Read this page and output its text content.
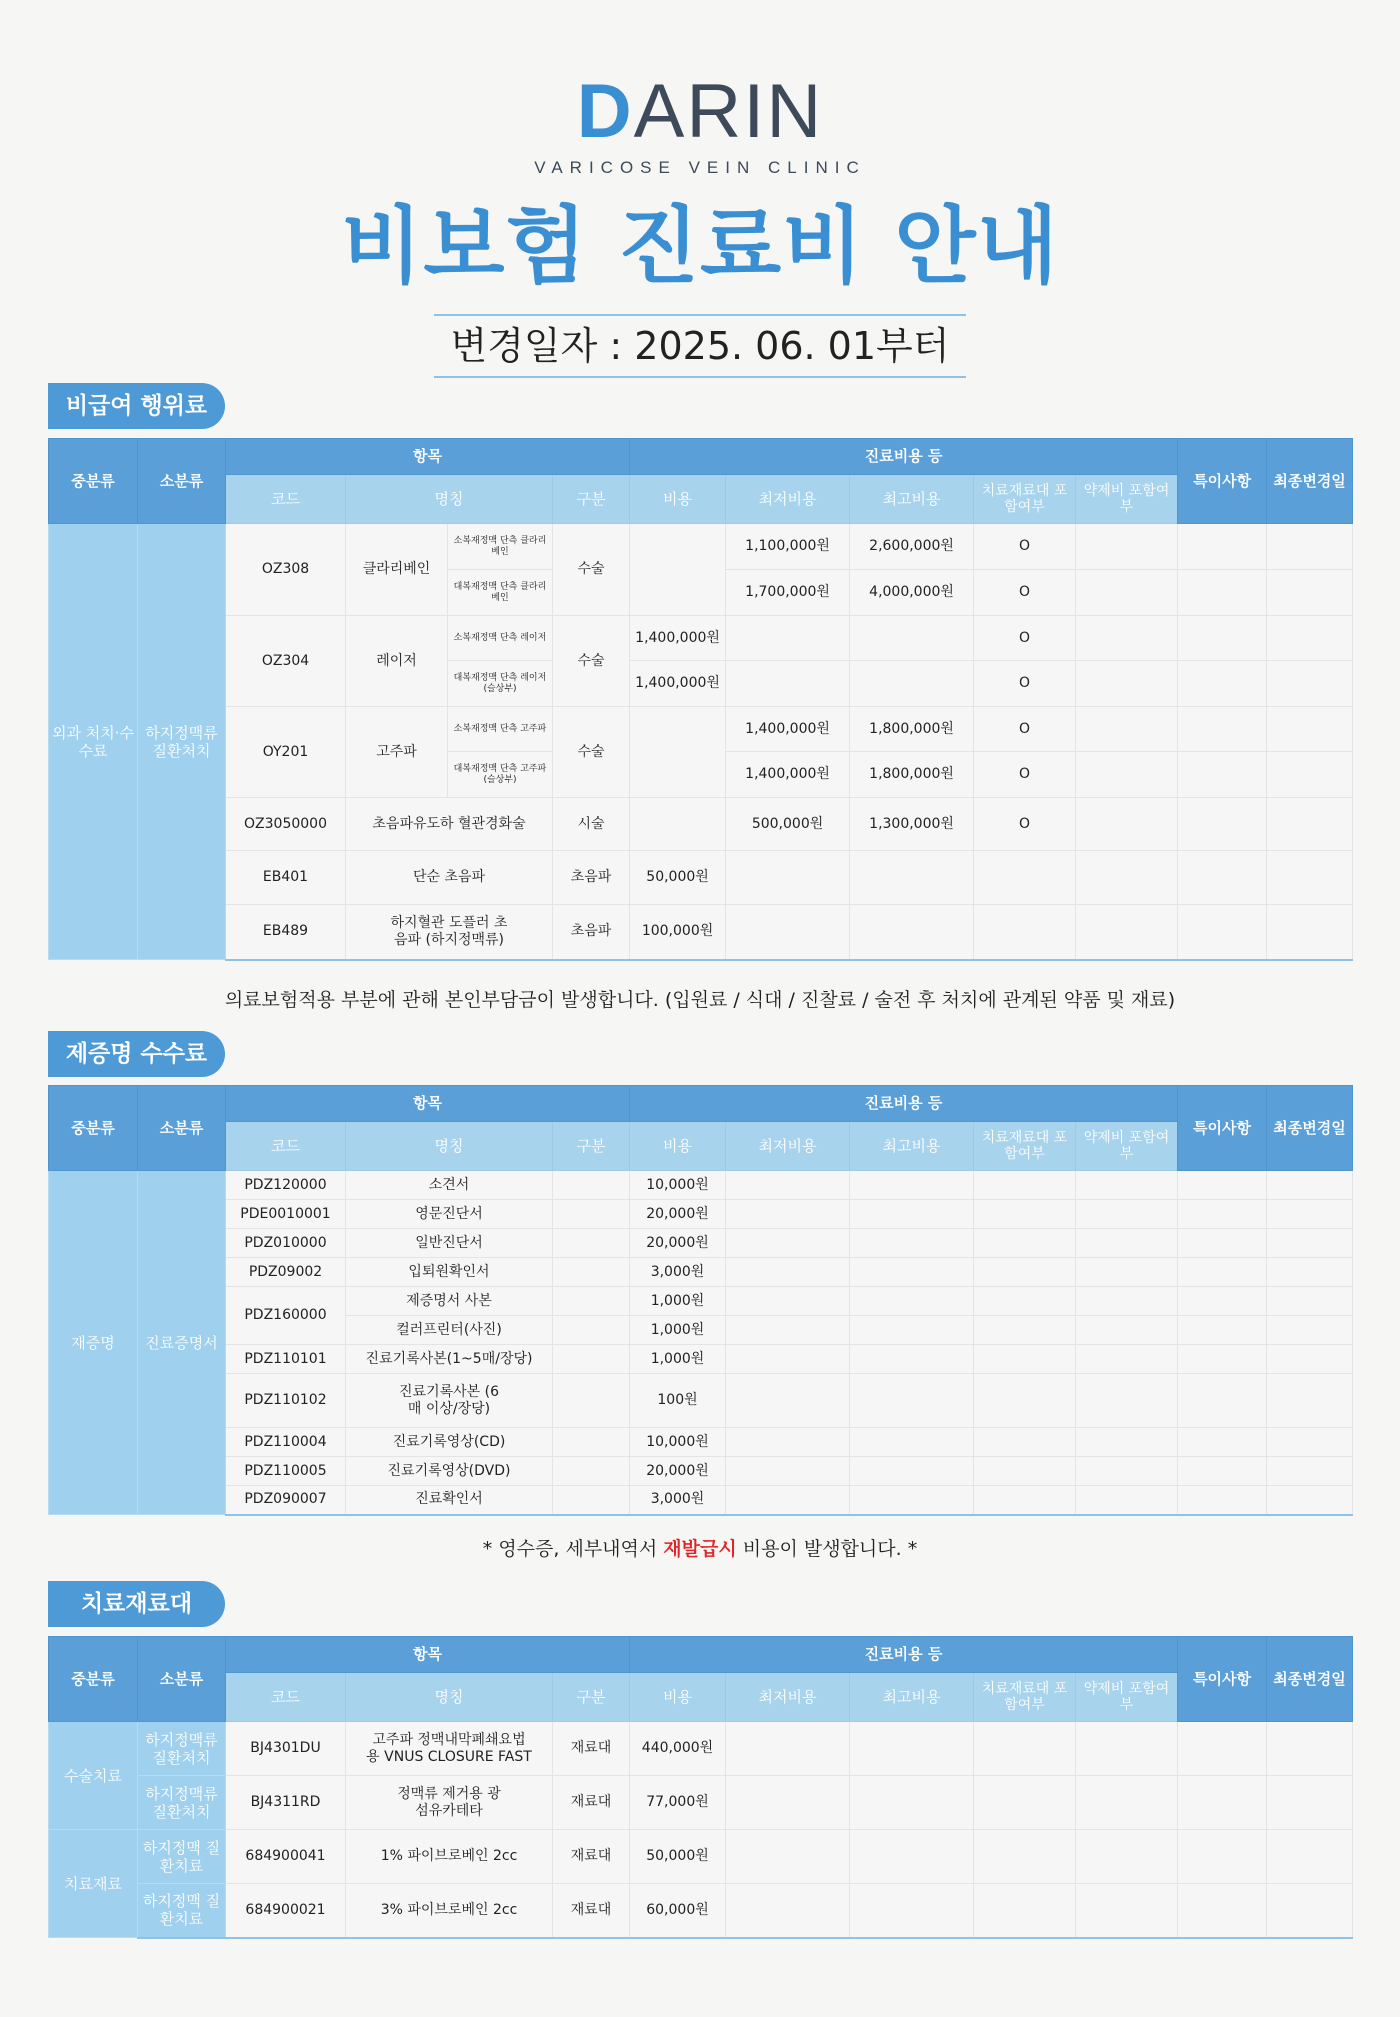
DARIN
VARICOSE VEIN CLINIC
비보험 진료비 안내
변경일자 : 2025. 06. 01부터
비급여 행위료
중분류	소분류	항목				진료비용 등					특이사항	최종변경일
		코드	명칭		구분	비용	최저비용	최고비용	치료재료대 포함여부	약제비 포함여부		
외과 처치·수수료	하지정맥류 질환처치	OZ308	클라리베인	소복재정맥 단측 클라리베인	수술		1,100,000원	2,600,000원	O			
				대복재정맥 단측 클라리베인			1,700,000원	4,000,000원	O			
		OZ304	레이저	소복재정맥 단측 레이저	수술	1,400,000원			O			
				대복재정맥 단측 레이저(슬상부)		1,400,000원			O			
		OY201	고주파	소복재정맥 단측 고주파	수술		1,400,000원	1,800,000원	O			
				대복재정맥 단측 고주파(슬상부)			1,400,000원	1,800,000원	O			
		OZ3050000	초음파유도하 혈관경화술		시술		500,000원	1,300,000원	O			
		EB401	단순 초음파		초음파	50,000원						
		EB489	하지혈관 도플러 초음파 (하지정맥류)		초음파	100,000원						
의료보험적용 부분에 관해 본인부담금이 발생합니다. (입원료 / 식대 / 진찰료 / 술전 후 처치에 관계된 약품 및 재료)
제증명 수수료
중분류	소분류	항목			진료비용 등					특이사항	최종변경일
		코드	명칭	구분	비용	최저비용	최고비용	치료재료대 포함여부	약제비 포함여부		
재증명	진료증명서	PDZ120000	소견서		10,000원						
		PDE0010001	영문진단서		20,000원						
		PDZ010000	일반진단서		20,000원						
		PDZ09002	입퇴원확인서		3,000원						
		PDZ160000	제증명서 사본		1,000원						
			컬러프린터(사진)		1,000원						
		PDZ110101	진료기록사본(1~5매/장당)		1,000원						
		PDZ110102	진료기록사본 (6매 이상/장당)		100원						
		PDZ110004	진료기록영상(CD)		10,000원						
		PDZ110005	진료기록영상(DVD)		20,000원						
		PDZ090007	진료확인서		3,000원						
* 영수증, 세부내역서 재발급시 비용이 발생합니다. *
치료재료대
중분류	소분류	항목			진료비용 등					특이사항	최종변경일
		코드	명칭	구분	비용	최저비용	최고비용	치료재료대 포함여부	약제비 포함여부		
수술치료	하지정맥류 질환처치	BJ4301DU	고주파 정맥내막폐쇄요법용 VNUS CLOSURE FAST	재료대	440,000원						
	하지정맥류 질환처치	BJ4311RD	정맥류 제거용 광섬유카테타	재료대	77,000원						
치료재료	하지정맥 질환치료	684900041	1% 파이브로베인 2cc	재료대	50,000원						
	하지정맥 질환치료	684900021	3% 파이브로베인 2cc	재료대	60,000원						
